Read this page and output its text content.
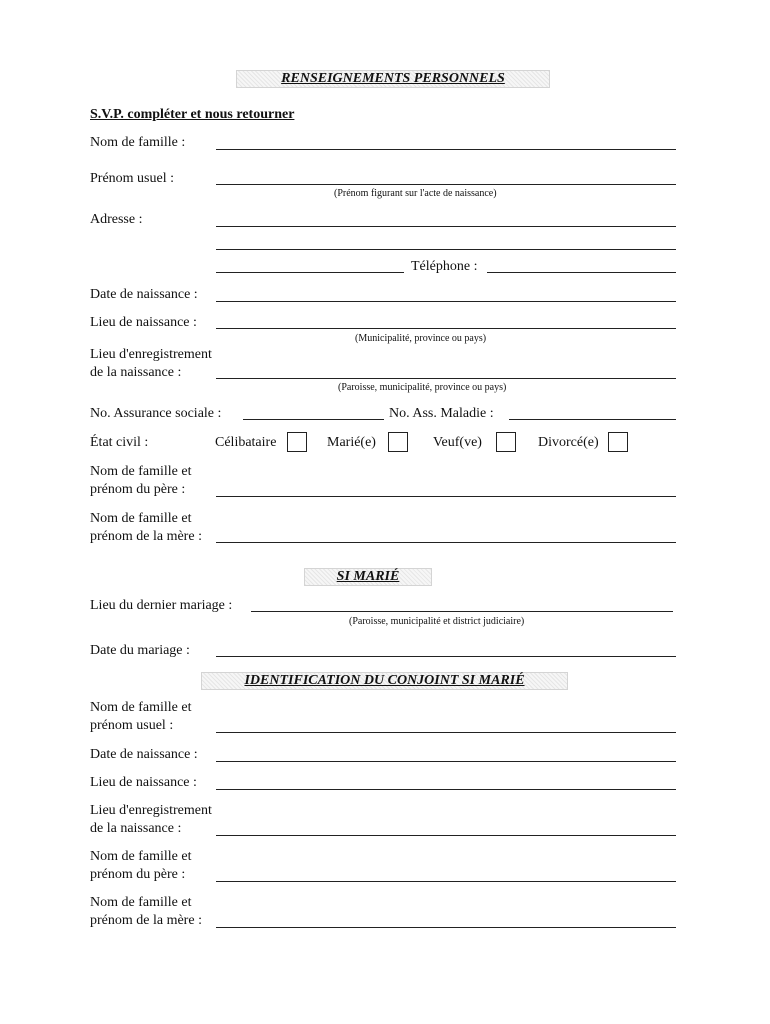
RENSEIGNEMENTS PERSONNELS
S.V.P. compléter et nous retourner
Nom de famille :
Prénom usuel :
(Prénom figurant sur l'acte de naissance)
Adresse :
Téléphone :
Date de naissance :
Lieu de naissance :
(Municipalité, province ou pays)
Lieu d'enregistrement
de la naissance :
(Paroisse, municipalité, province ou pays)
No. Assurance sociale :	No. Ass. Maladie :
État civil :	Célibataire	Marié(e)	Veuf(ve)	Divorcé(e)
Nom de famille et
prénom du père :
Nom de famille et
prénom de la mère :
SI MARIÉ
Lieu du dernier mariage :
(Paroisse, municipalité et district judiciaire)
Date du mariage :
IDENTIFICATION DU CONJOINT SI MARIÉ
Nom de famille et
prénom usuel :
Date de naissance :
Lieu de naissance :
Lieu d'enregistrement
de la naissance :
Nom de famille et
prénom du père :
Nom de famille et
prénom de la mère :
